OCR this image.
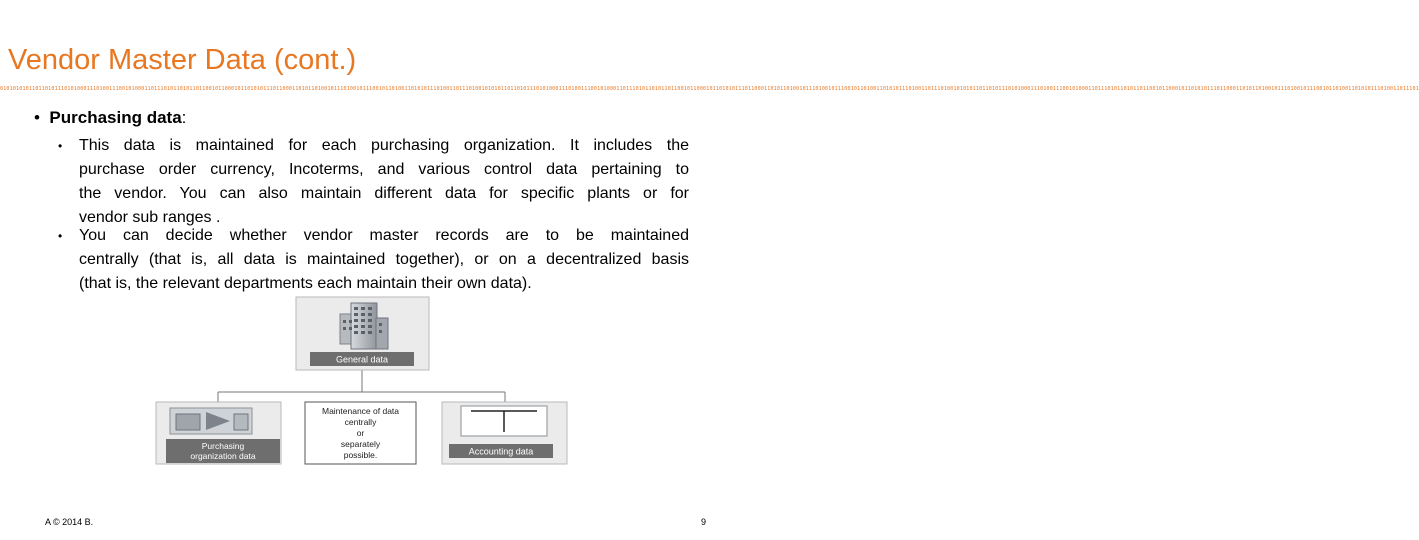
Vendor Master Data (cont.)
0101010101101101011101010001110100111001010001101110101101011011001011000101101010111011000110101101001011101001011100101101001101010111010011011101001010101101101011101010001110100111001010001101110101101011011001011000101101010111011000110101101001011101001011100101101001101010111010011011101001010101101101011101010001110100111001010001101110101101011011001011000101101010111011000110101101001011101001011100101101001101010111010011011101
•  Purchasing data:
• This data is maintained for each purchasing organization. It includes the
purchase order currency, Incoterms, and various control data pertaining to
the vendor. You can also maintain different data for specific plants or for
vendor sub ranges .
• You can decide whether vendor master records are to be maintained
centrally (that is, all data is maintained together), or on a decentralized basis
(that is, the relevant departments each maintain their own data).
General data
Purchasing
organization data
Maintenance of data
centrally
or
separately
possible.	Accounting data
A © 2014 B.	9
